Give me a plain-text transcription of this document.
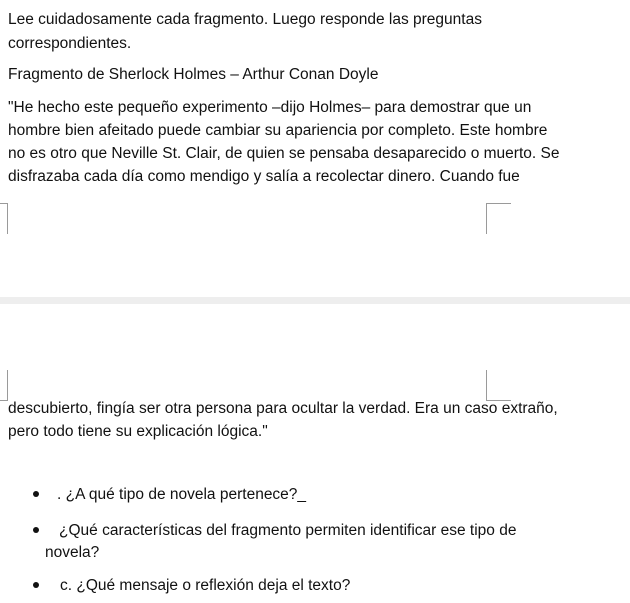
Lee cuidadosamente cada fragmento. Luego responde las preguntas
correspondientes.
Fragmento de Sherlock Holmes – Arthur Conan Doyle
"He hecho este pequeño experimento –dijo Holmes– para demostrar que un
hombre bien afeitado puede cambiar su apariencia por completo. Este hombre
no es otro que Neville St. Clair, de quien se pensaba desaparecido o muerto. Se
disfrazaba cada día como mendigo y salía a recolectar dinero. Cuando fue
descubierto, fingía ser otra persona para ocultar la verdad. Era un caso extraño,
pero todo tiene su explicación lógica."
. ¿A qué tipo de novela pertenece?_
¿Qué características del fragmento permiten identificar ese tipo de
novela?
c. ¿Qué mensaje o reflexión deja el texto?
